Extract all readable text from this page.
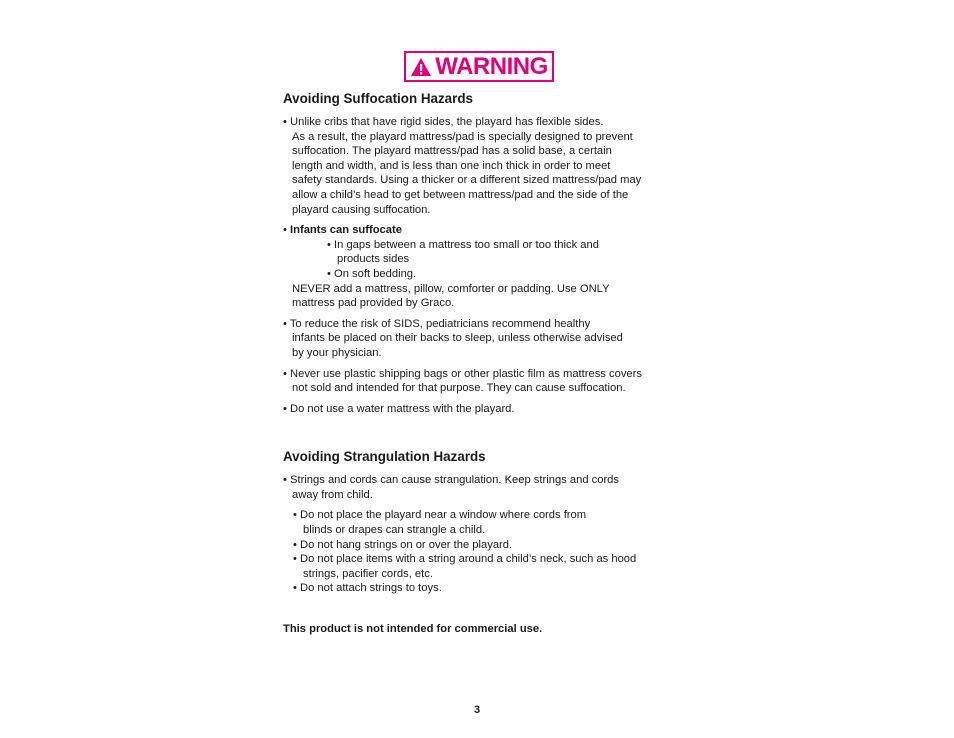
WARNING
Avoiding Suffocation Hazards
• Unlike cribs that have rigid sides, the playard has flexible sides.
As a result, the playard mattress/pad is specially designed to prevent
suffocation. The playard mattress/pad has a solid base, a certain
length and width, and is less than one inch thick in order to meet
safety standards. Using a thicker or a different sized mattress/pad may
allow a child’s head to get between mattress/pad and the side of the
playard causing suffocation.
• Infants can suffocate
• In gaps between a mattress too small or too thick and
products sides
• On soft bedding.
NEVER add a mattress, pillow, comforter or padding. Use ONLY
mattress pad provided by Graco.
• To reduce the risk of SIDS, pediatricians recommend healthy
infants be placed on their backs to sleep, unless otherwise advised
by your physician.
• Never use plastic shipping bags or other plastic film as mattress covers
not sold and intended for that purpose. They can cause suffocation.
• Do not use a water mattress with the playard.
Avoiding Strangulation Hazards
• Strings and cords can cause strangulation. Keep strings and cords
away from child.
• Do not place the playard near a window where cords from
blinds or drapes can strangle a child.
• Do not hang strings on or over the playard.
• Do not place items with a string around a child’s neck, such as hood
strings, pacifier cords, etc.
• Do not attach strings to toys.
This product is not intended for commercial use.
3
